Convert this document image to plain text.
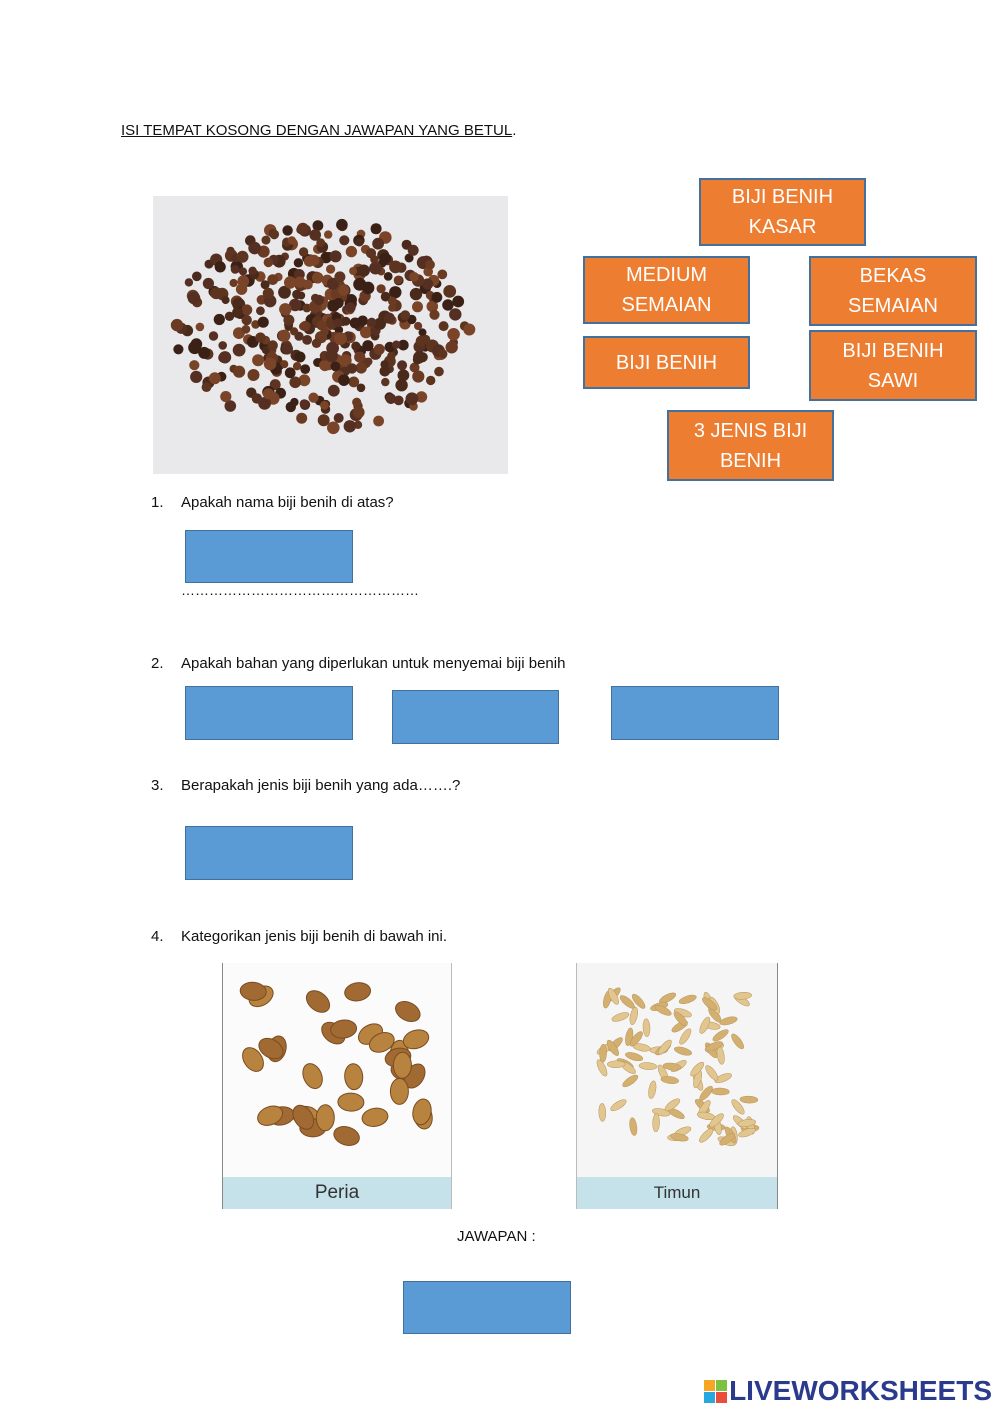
ISI TEMPAT KOSONG DENGAN JAWAPAN YANG BETUL.
BIJI BENIH
KASAR
MEDIUM
SEMAIAN
BEKAS
SEMAIAN
BIJI BENIH
BIJI BENIH
SAWI
3 JENIS BIJI
BENIH
1. Apakah nama biji benih di atas?
……………………………………………
2. Apakah bahan yang diperlukan untuk menyemai biji benih
3. Berapakah jenis biji benih yang ada…….?
4. Kategorikan jenis biji benih di bawah ini.
Peria	Timun
JAWAPAN :
LIVEWORKSHEETS
